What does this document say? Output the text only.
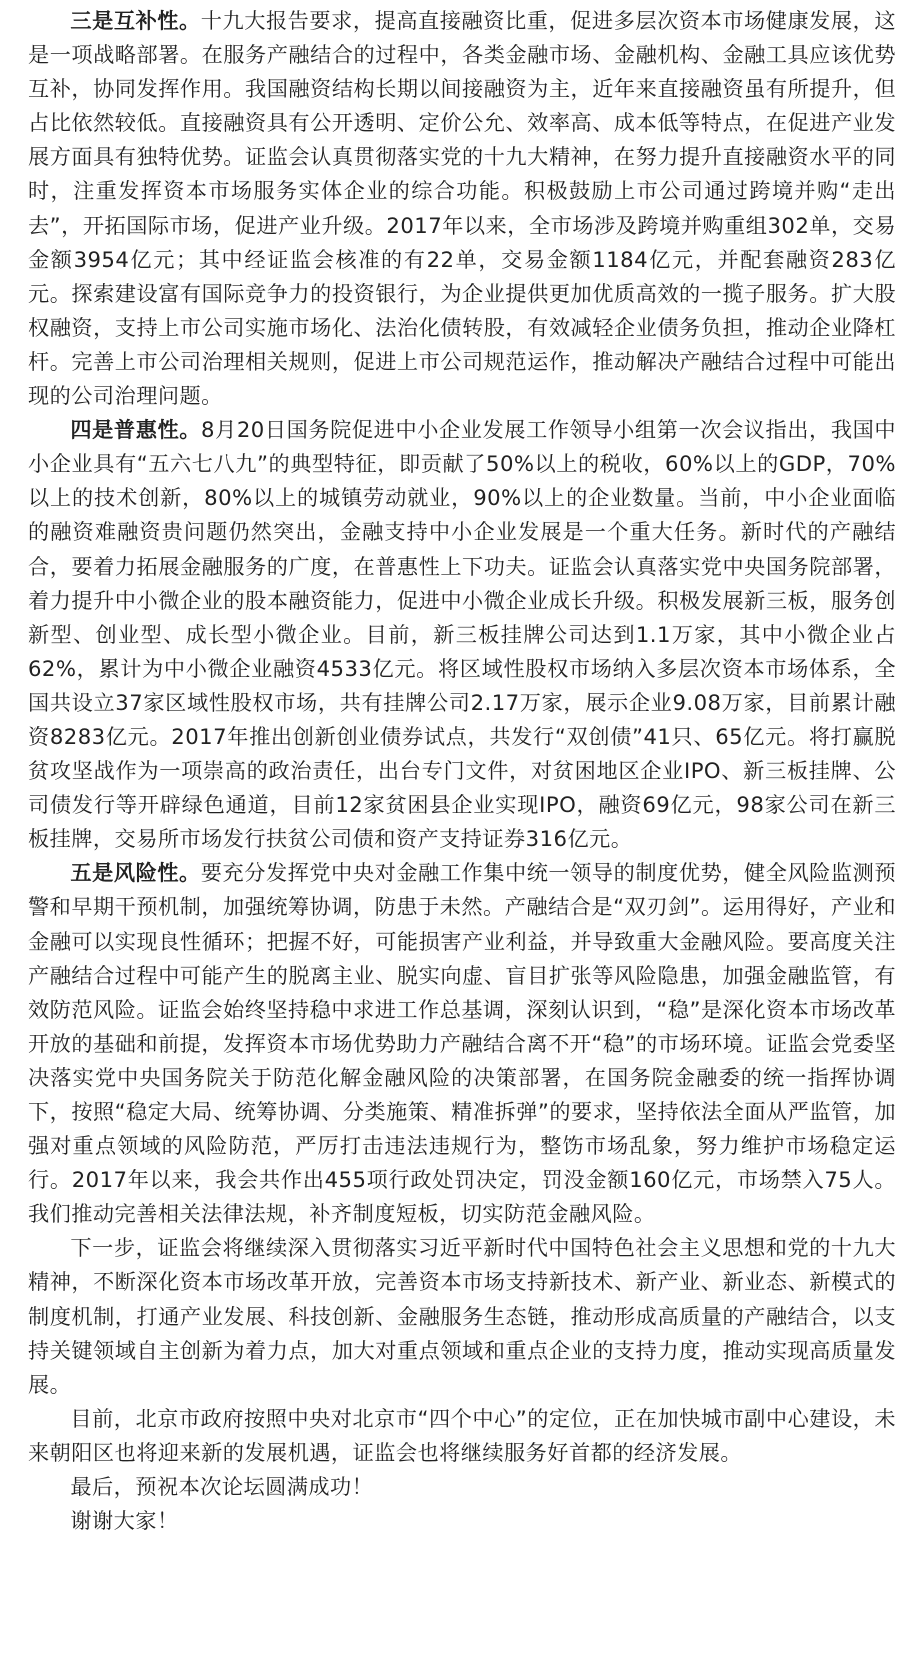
三是互补性。十九大报告要求，提高直接融资比重，促进多层次资本市场健康发展，这是一项战略部署。在服务产融结合的过程中，各类金融市场、金融机构、金融工具应该优势互补，协同发挥作用。我国融资结构长期以间接融资为主，近年来直接融资虽有所提升，但占比依然较低。直接融资具有公开透明、定价公允、效率高、成本低等特点，在促进产业发展方面具有独特优势。证监会认真贯彻落实党的十九大精神，在努力提升直接融资水平的同时，注重发挥资本市场服务实体企业的综合功能。积极鼓励上市公司通过跨境并购“走出去”，开拓国际市场，促进产业升级。2017年以来，全市场涉及跨境并购重组302单，交易金额3954亿元；其中经证监会核准的有22单，交易金额1184亿元，并配套融资283亿元。探索建设富有国际竞争力的投资银行，为企业提供更加优质高效的一揽子服务。扩大股权融资，支持上市公司实施市场化、法治化债转股，有效减轻企业债务负担，推动企业降杠杆。完善上市公司治理相关规则，促进上市公司规范运作，推动解决产融结合过程中可能出现的公司治理问题。

四是普惠性。8月20日国务院促进中小企业发展工作领导小组第一次会议指出，我国中小企业具有“五六七八九”的典型特征，即贡献了50%以上的税收，60%以上的GDP，70%以上的技术创新，80%以上的城镇劳动就业，90%以上的企业数量。当前，中小企业面临的融资难融资贵问题仍然突出，金融支持中小企业发展是一个重大任务。新时代的产融结合，要着力拓展金融服务的广度，在普惠性上下功夫。证监会认真落实党中央国务院部署，着力提升中小微企业的股本融资能力，促进中小微企业成长升级。积极发展新三板，服务创新型、创业型、成长型小微企业。目前，新三板挂牌公司达到1.1万家，其中小微企业占62%，累计为中小微企业融资4533亿元。将区域性股权市场纳入多层次资本市场体系，全国共设立37家区域性股权市场，共有挂牌公司2.17万家，展示企业9.08万家，目前累计融资8283亿元。2017年推出创新创业债券试点，共发行“双创债”41只、65亿元。将打赢脱贫攻坚战作为一项崇高的政治责任，出台专门文件，对贫困地区企业IPO、新三板挂牌、公司债发行等开辟绿色通道，目前12家贫困县企业实现IPO，融资69亿元，98家公司在新三板挂牌，交易所市场发行扶贫公司债和资产支持证券316亿元。

五是风险性。要充分发挥党中央对金融工作集中统一领导的制度优势，健全风险监测预警和早期干预机制，加强统筹协调，防患于未然。产融结合是“双刃剑”。运用得好，产业和金融可以实现良性循环；把握不好，可能损害产业利益，并导致重大金融风险。要高度关注产融结合过程中可能产生的脱离主业、脱实向虚、盲目扩张等风险隐患，加强金融监管，有效防范风险。证监会始终坚持稳中求进工作总基调，深刻认识到，“稳”是深化资本市场改革开放的基础和前提，发挥资本市场优势助力产融结合离不开“稳”的市场环境。证监会党委坚决落实党中央国务院关于防范化解金融风险的决策部署，在国务院金融委的统一指挥协调下，按照“稳定大局、统筹协调、分类施策、精准拆弹”的要求，坚持依法全面从严监管，加强对重点领域的风险防范，严厉打击违法违规行为，整饬市场乱象，努力维护市场稳定运行。2017年以来，我会共作出455项行政处罚决定，罚没金额160亿元，市场禁入75人。我们推动完善相关法律法规，补齐制度短板，切实防范金融风险。

下一步，证监会将继续深入贯彻落实习近平新时代中国特色社会主义思想和党的十九大精神，不断深化资本市场改革开放，完善资本市场支持新技术、新产业、新业态、新模式的制度机制，打通产业发展、科技创新、金融服务生态链，推动形成高质量的产融结合，以支持关键领域自主创新为着力点，加大对重点领域和重点企业的支持力度，推动实现高质量发展。

目前，北京市政府按照中央对北京市“四个中心”的定位，正在加快城市副中心建设，未来朝阳区也将迎来新的发展机遇，证监会也将继续服务好首都的经济发展。

最后，预祝本次论坛圆满成功！

谢谢大家！
